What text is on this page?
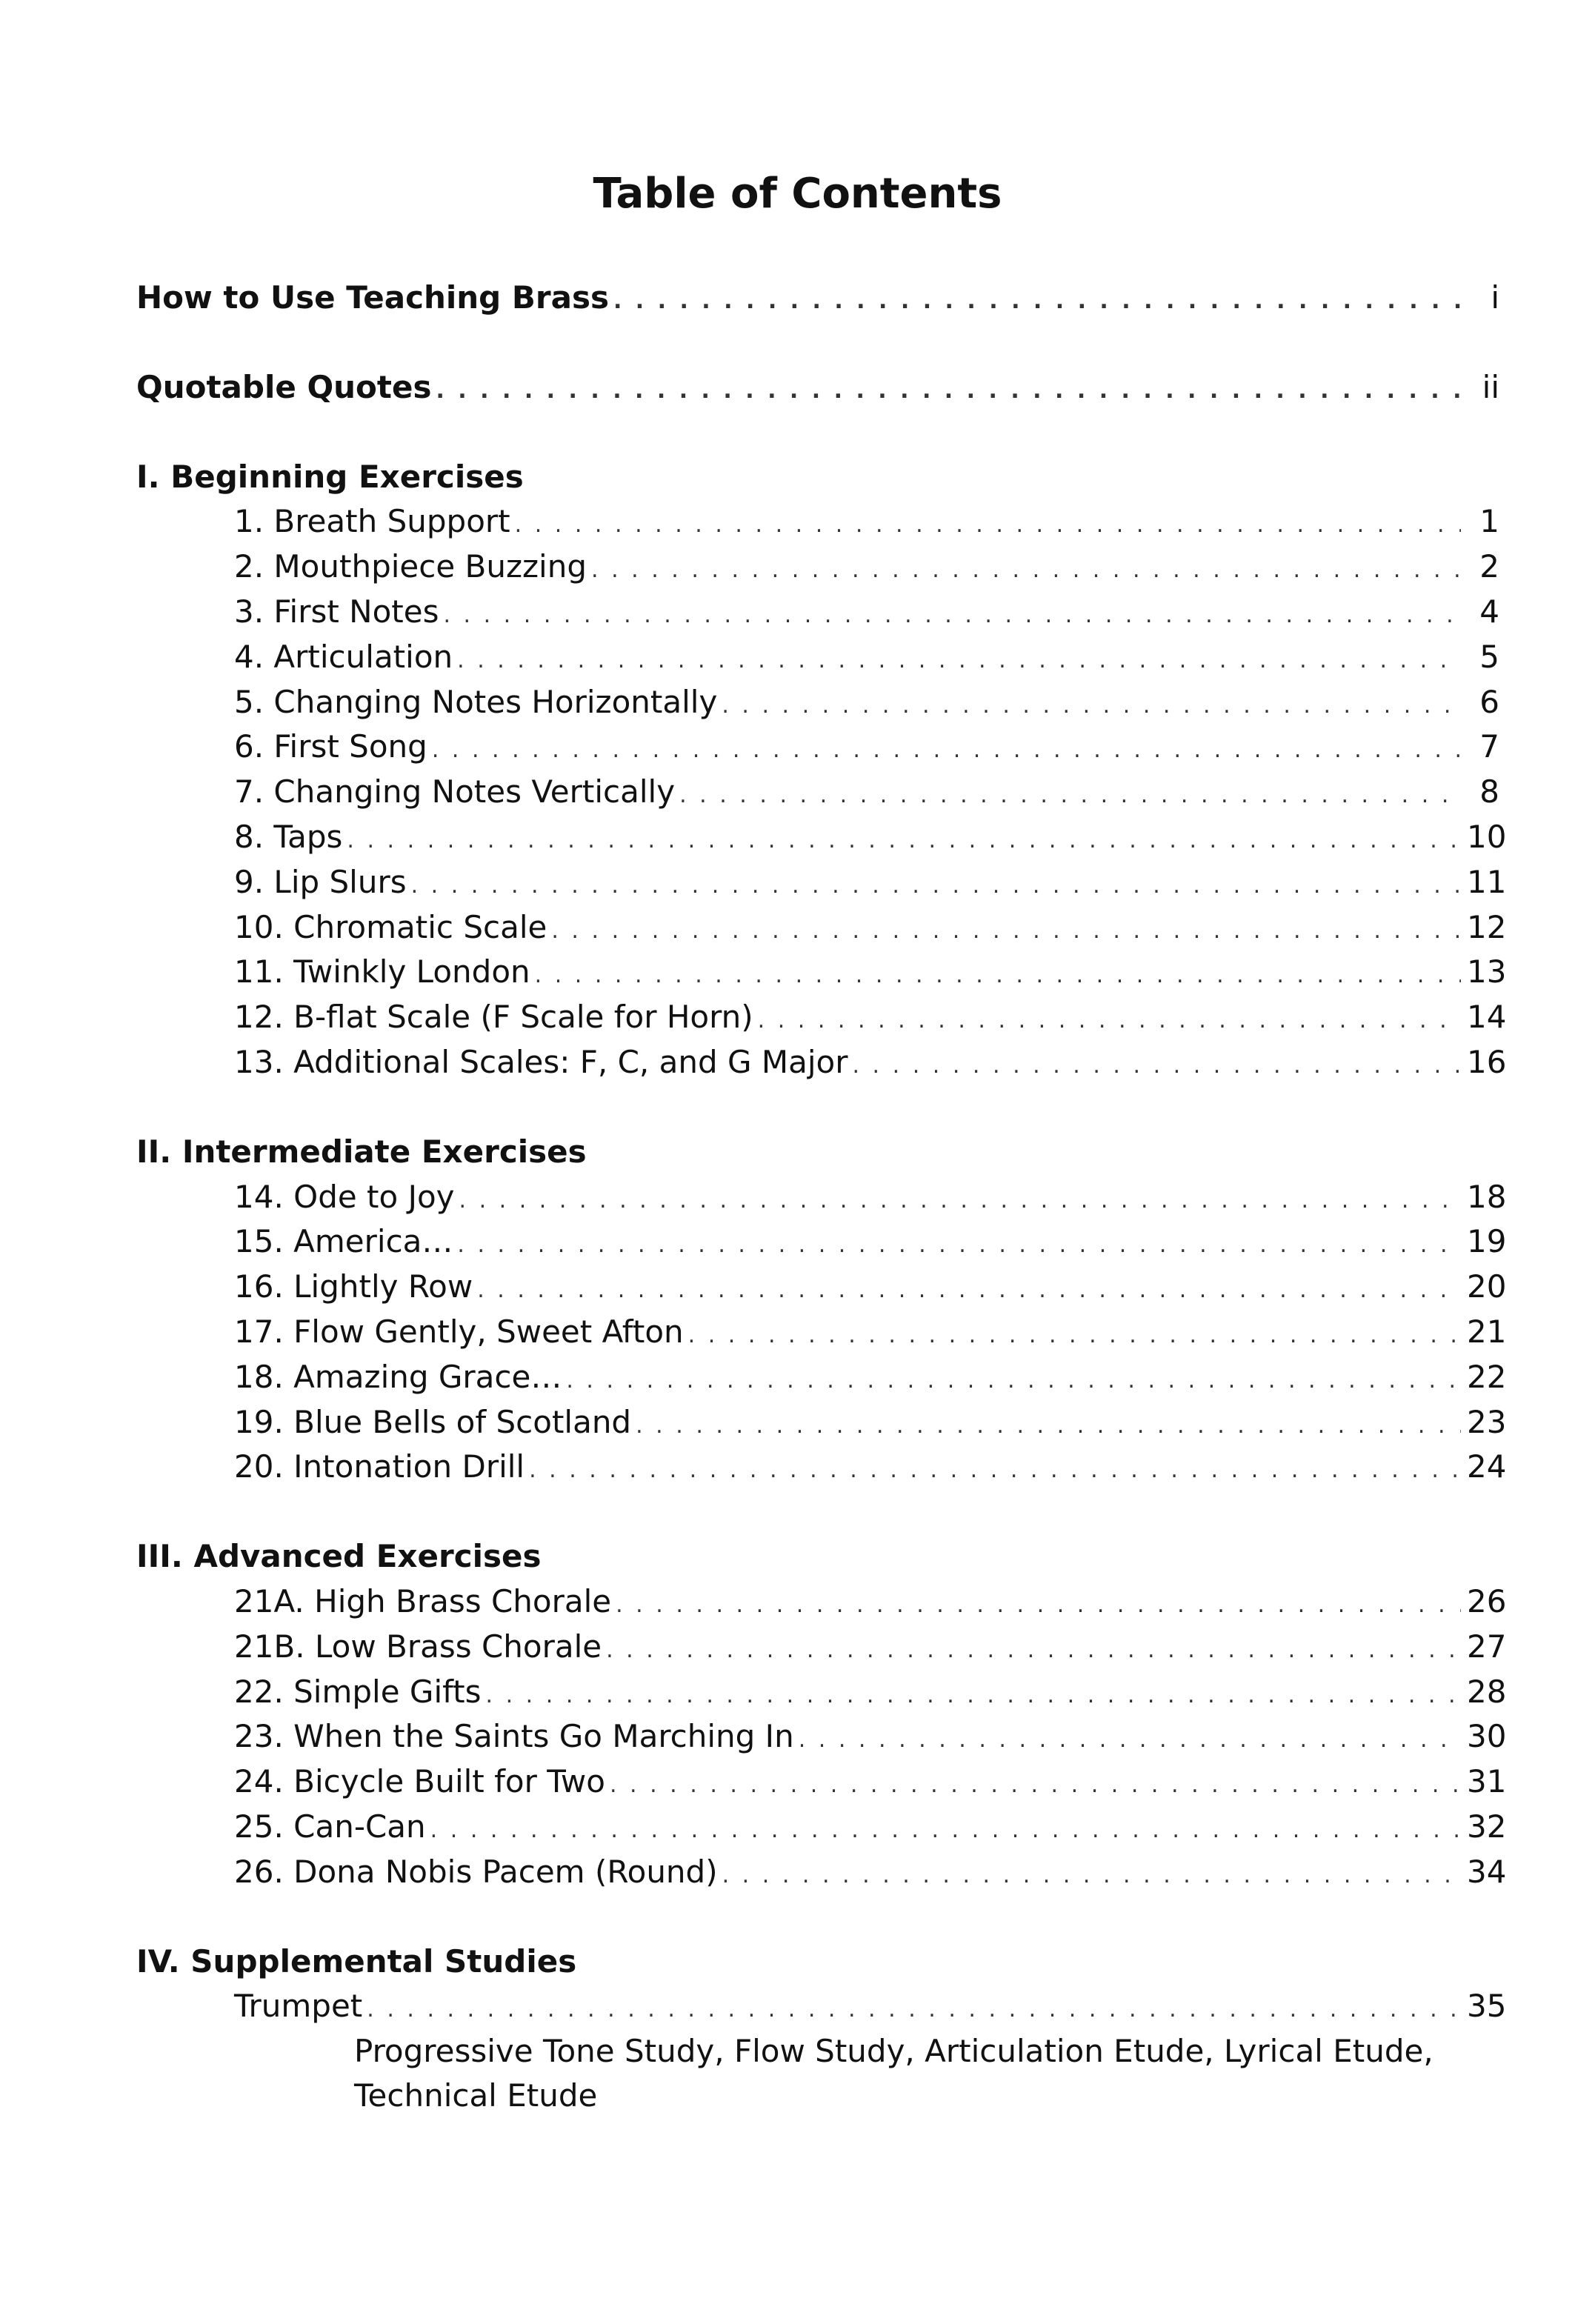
Table of Contents
How to Use Teaching Brass . . .	i
Quotable Quotes . . .	ii
I. Beginning Exercises
1. Breath Support . . .	1
2. Mouthpiece Buzzing . . .	2
3. First Notes . . .	4
4. Articulation . . .	5
5. Changing Notes Horizontally . . .	6
6. First Song . . .	7
7. Changing Notes Vertically . . .	8
8. Taps . . .	10
9. Lip Slurs . . .	11
10. Chromatic Scale . . .	12
11. Twinkly London . . .	13
12. B-flat Scale (F Scale for Horn) . . .	14
13. Additional Scales: F, C, and G Major . . .	16
II. Intermediate Exercises
14. Ode to Joy . . .	18
15. America… . . .	19
16. Lightly Row . . .	20
17. Flow Gently, Sweet Afton . . .	21
18. Amazing Grace… . . .	22
19. Blue Bells of Scotland . . .	23
20. Intonation Drill . . .	24
III. Advanced Exercises
21A. High Brass Chorale . . .	26
21B. Low Brass Chorale . . .	27
22. Simple Gifts . . .	28
23. When the Saints Go Marching In . . .	30
24. Bicycle Built for Two . . .	31
25. Can-Can . . .	32
26. Dona Nobis Pacem (Round) . . .	34
IV. Supplemental Studies
Trumpet . . .	35
Progressive Tone Study, Flow Study, Articulation Etude, Lyrical Etude, Technical Etude
